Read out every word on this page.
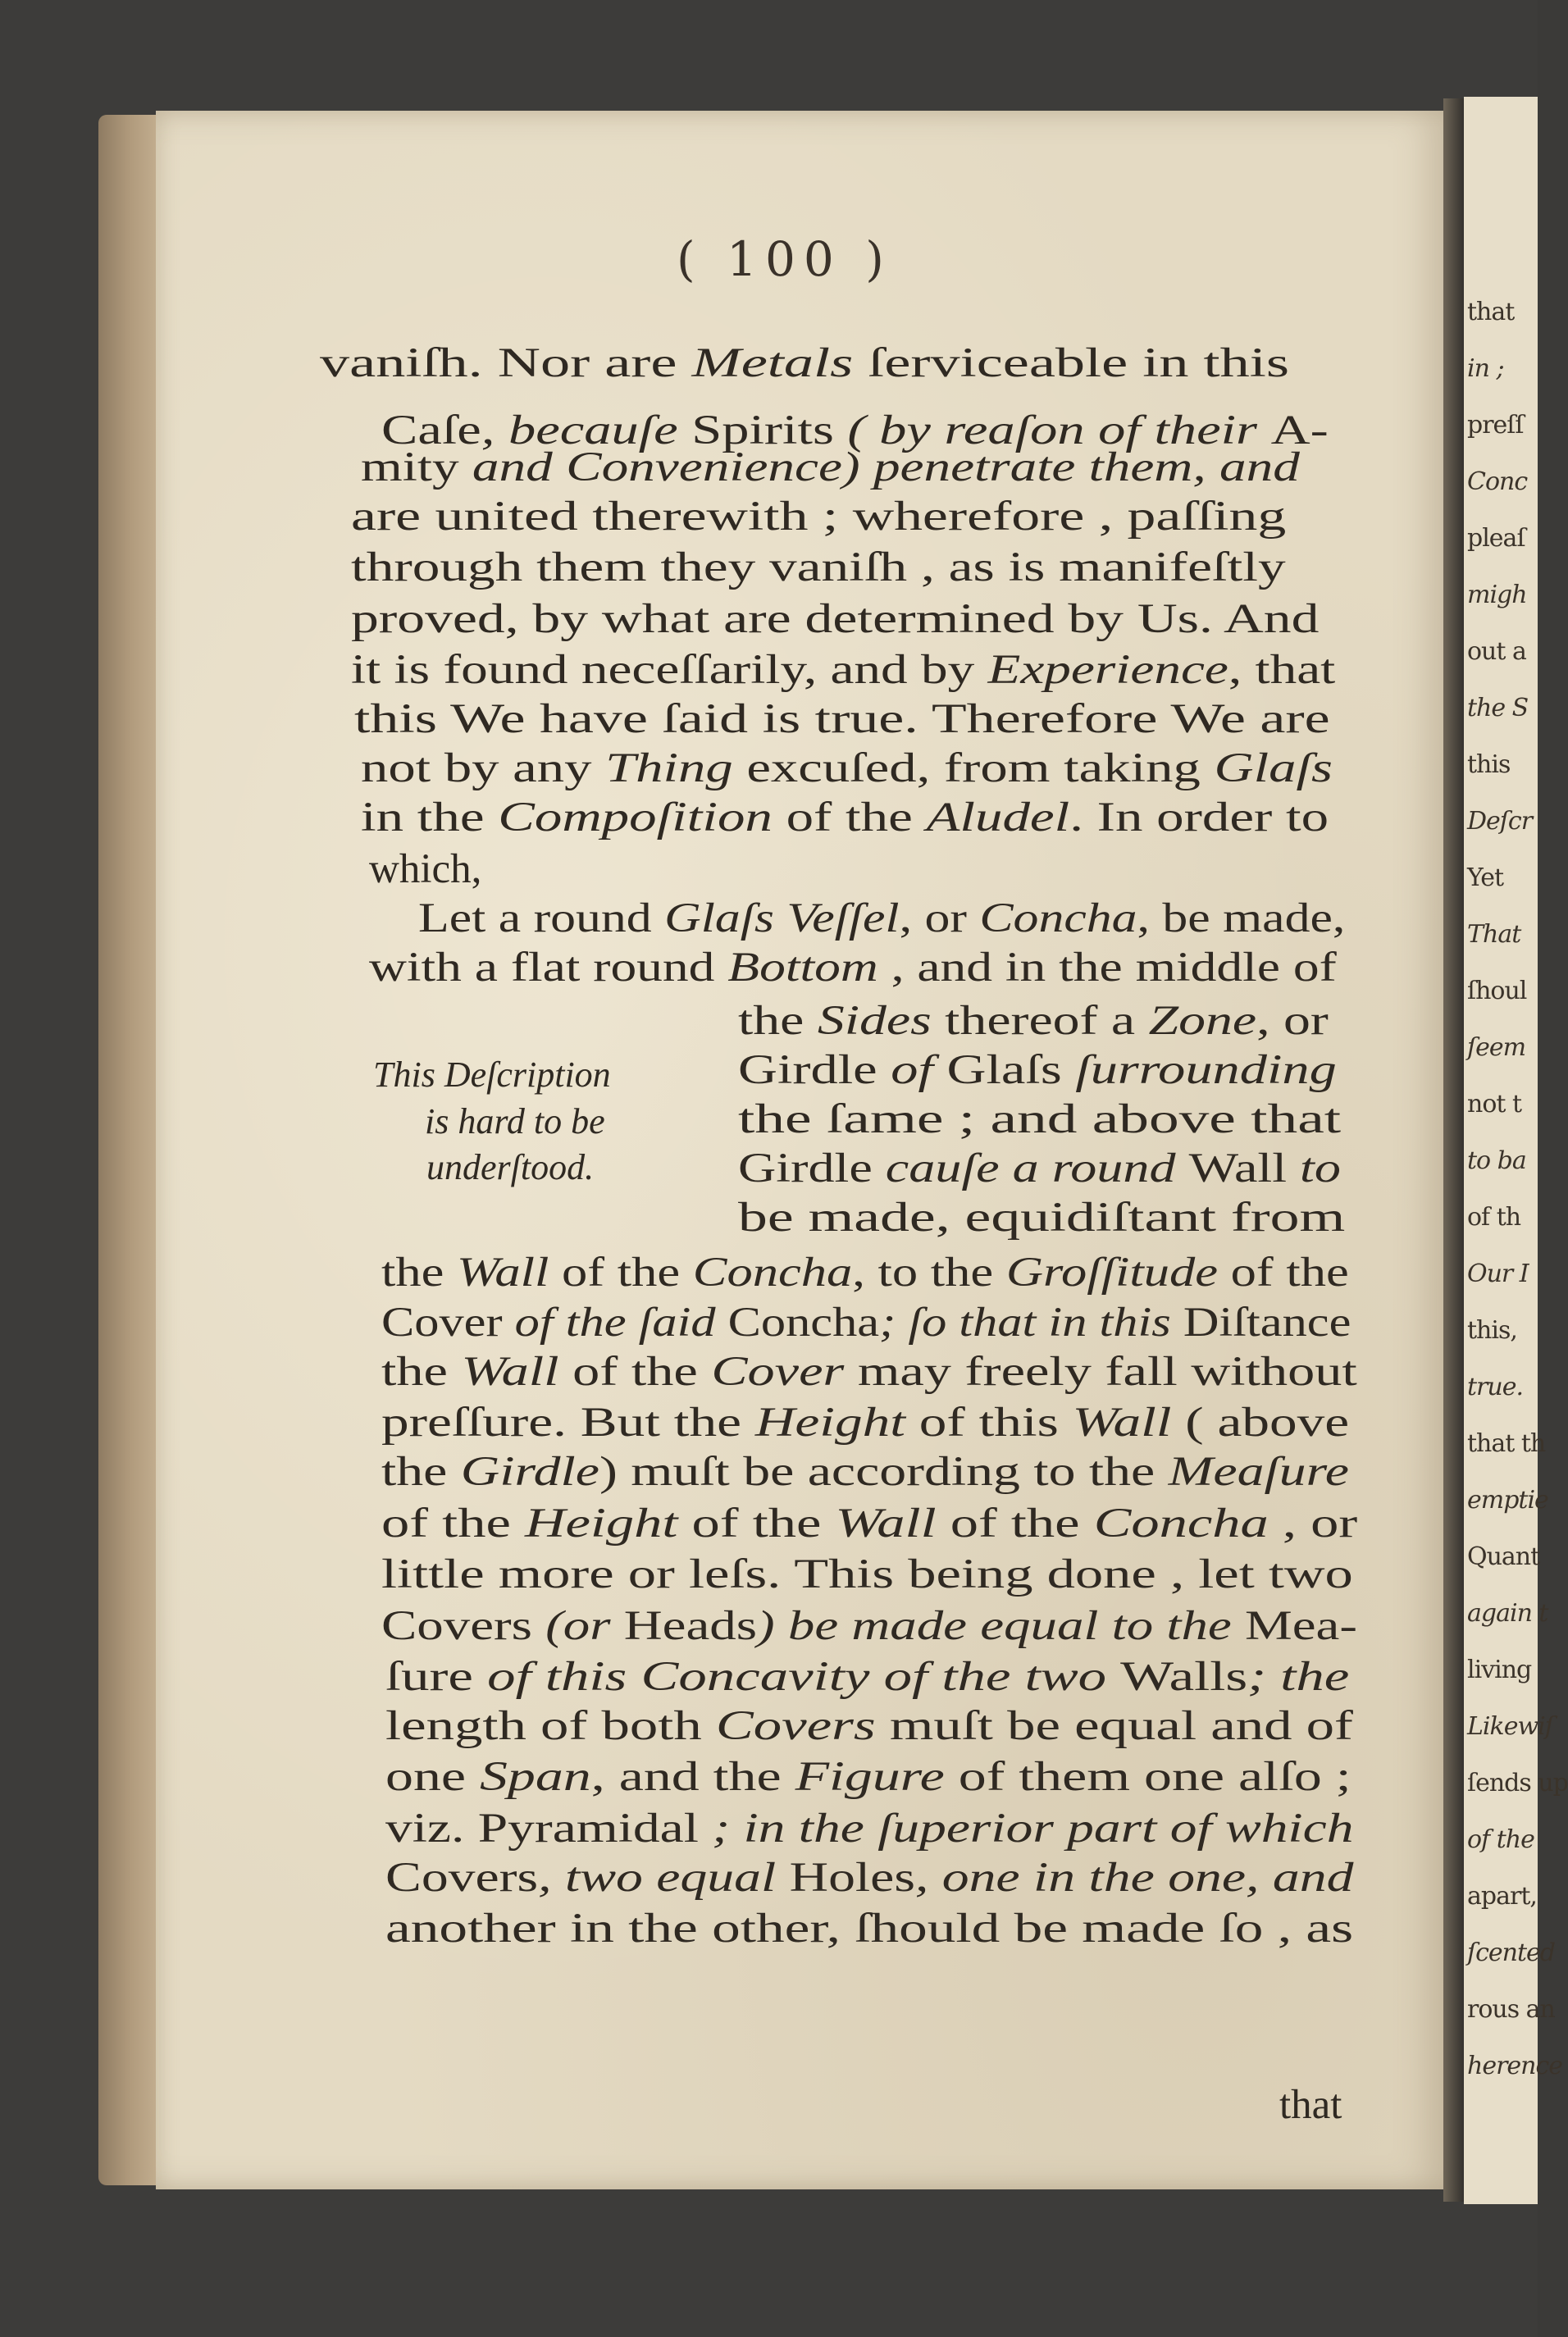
that
in ;
preſſ
Conc
pleaſ
migh
out a
the S
this
Deſcr
Yet
That
ſhoul
ſeem
not t
to ba
of th
Our I
this,
true.
that th
emptie
Quant
again t
living
Likewiſ
ſends up
of the
apart,
ſcented
rous an
herence
( 100 )
vaniſh. Nor are Metals ſerviceable in this
Caſe, becauſe Spirits ( by reaſon of their A-
mity and Convenience) penetrate them, and
are united therewith ; wherefore , paſſing
through them they vaniſh , as is manifeſtly
proved, by what are determined by Us. And
it is found neceſſarily, and by Experience, that
this We have ſaid is true. Therefore We are
not by any Thing excuſed, from taking Glaſs
in the Compoſition of the Aludel. In order to
which,
Let a round Glaſs Veſſel, or Concha, be made,
with a flat round Bottom , and in the middle of
the Sides thereof a Zone, or
Girdle of Glaſs ſurrounding
the ſame ; and above that
Girdle cauſe a round Wall to
be made, equidiſtant from
the Wall of the Concha, to the Groſſitude of the
Cover of the ſaid Concha; ſo that in this Diſtance
the Wall of the Cover may freely fall without
preſſure. But the Height of this Wall ( above
the Girdle) muſt be according to the Meaſure
of the Height of the Wall of the Concha , or
little more or leſs. This being done , let two
Covers (or Heads) be made equal to the Mea-
ſure of this Concavity of the two Walls; the
length of both Covers muſt be equal and of
one Span, and the Figure of them one alſo ;
viz. Pyramidal ; in the ſuperior part of which
Covers, two equal Holes, one in the one, and
another in the other, ſhould be made ſo , as
This Deſcription
is hard to be
underſtood.
that
